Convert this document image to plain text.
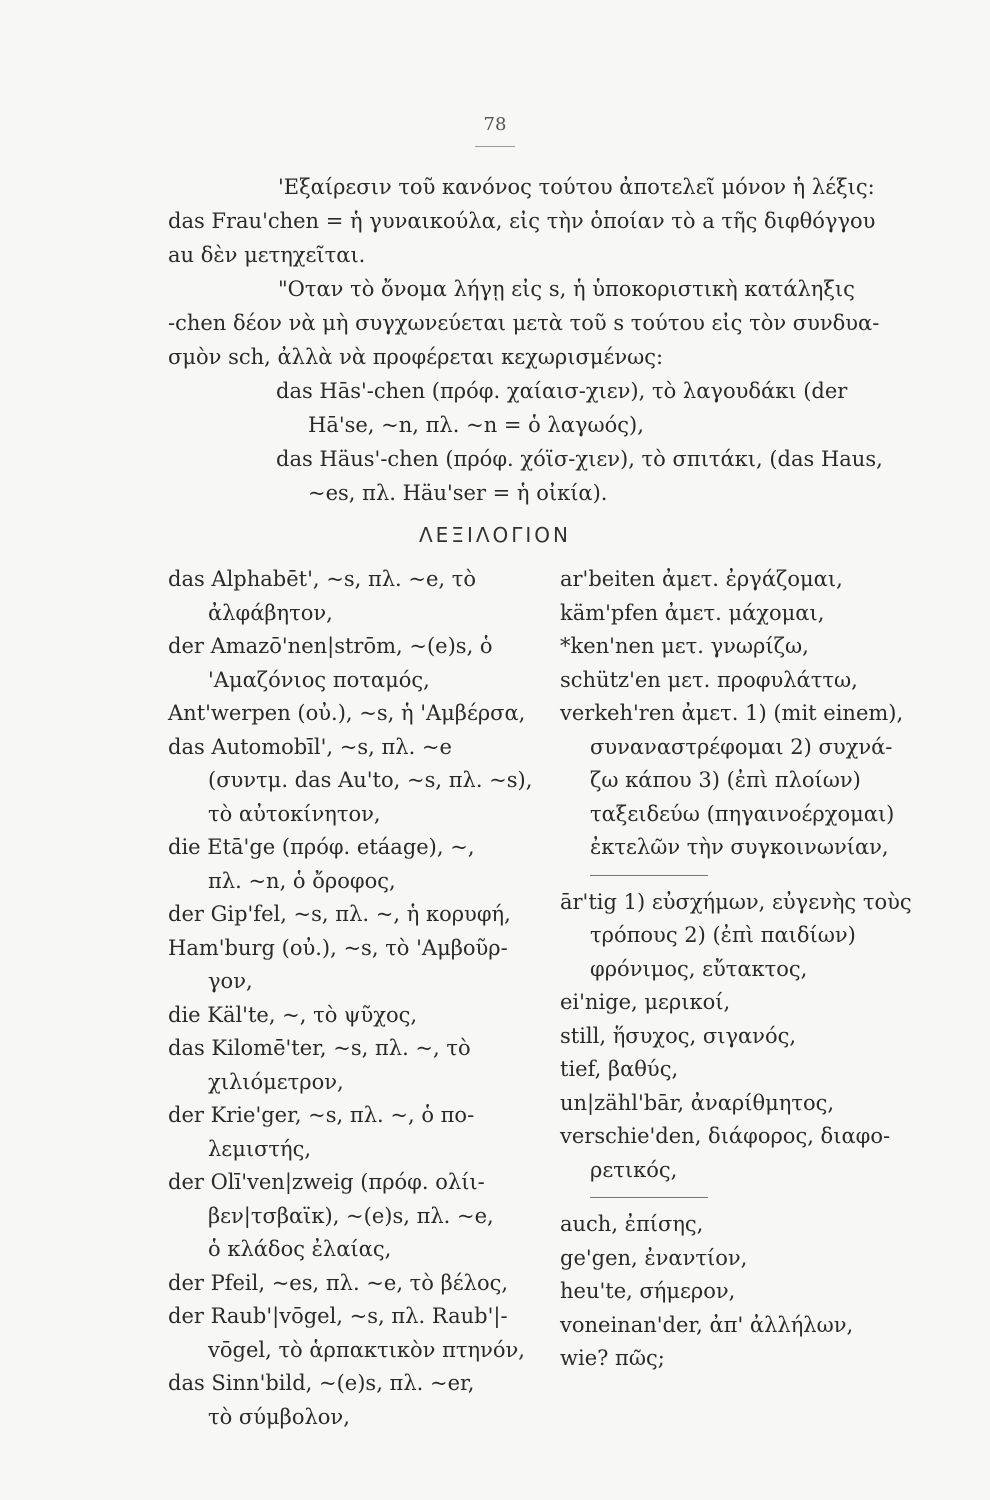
78

'Εξαίρεσιν τοῦ κανόνος τούτου ἀποτελεῖ μόνον ἡ λέξις:

das Frau'chen = ἡ γυναικούλα, εἰς τὴν ὁποίαν τὸ a τῆς διφθόγγου

au δὲν μετηχεῖται.

"Οταν τὸ ὄνομα λήγῃ εἰς s, ἡ ὑποκοριστικὴ κατάληξις

-chen δέον νὰ μὴ συγχωνεύεται μετὰ τοῦ s τούτου εἰς τὸν συνδυα-

σμὸν sch, ἀλλὰ νὰ προφέρεται κεχωρισμένως:

das Hās'-chen (πρόφ. χαίαισ-χιεν), τὸ λαγουδάκι (der

Hā'se, ~n, πλ. ~n = ὁ λαγωός),

das Häus'-chen (πρόφ. χόϊσ-χιεν), τὸ σπιτάκι, (das Haus,

~es, πλ. Häu'ser = ἡ οἰκία).

ΛΕΞΙΛΟΓΙΟΝ
das Alphabēt', ~s, πλ. ~e, τὸ
ἀλφάβητον,
der Amazō'nen|strōm, ~(e)s, ὁ
'Αμαζόνιος ποταμός,
Ant'werpen (οὐ.), ~s, ἡ 'Αμβέρσα,
das Automobīl', ~s, πλ. ~e
(συντμ. das Au'to, ~s, πλ. ~s),
τὸ αὐτοκίνητον,
die Etā'ge (πρόφ. etáage), ~,
πλ. ~n, ὁ ὄροφος,
der Gip'fel, ~s, πλ. ~, ἡ κορυφή,
Ham'burg (οὐ.), ~s, τὸ 'Αμβοῦρ-
γον,
die Käl'te, ~, τὸ ψῦχος,
das Kilomē'ter, ~s, πλ. ~, τὸ
χιλιόμετρον,
der Krie'ger, ~s, πλ. ~, ὁ πο-
λεμιστής,
der Olī'ven|zweig (πρόφ. ολίι-
βεν|τσβαϊκ), ~(e)s, πλ. ~e,
ὁ κλάδος ἐλαίας,
der Pfeil, ~es, πλ. ~e, τὸ βέλος,
der Raub'|vōgel, ~s, πλ. Raub'|-
vōgel, τὸ ἁρπακτικὸν πτηνόν,
das Sinn'bild, ~(e)s, πλ. ~er,
τὸ σύμβολον,
ar'beiten ἀμετ. ἐργάζομαι,
käm'pfen ἀμετ. μάχομαι,
*ken'nen μετ. γνωρίζω,
schütz'en μετ. προφυλάττω,
verkeh'ren ἀμετ. 1) (mit einem),
συναναστρέφομαι 2) συχνά-
ζω κάπου 3) (ἐπὶ πλοίων)
ταξειδεύω (πηγαινοέρχομαι)
ἐκτελῶν τὴν συγκοινωνίαν,
ār'tig 1) εὐσχήμων, εὐγενὴς τοὺς
τρόπους 2) (ἐπὶ παιδίων)
φρόνιμος, εὔτακτος,
ei'nige, μερικοί,
still, ἥσυχος, σιγανός,
tief, βαθύς,
un|zähl'bār, ἀναρίθμητος,
verschie'den, διάφορος, διαφο-
ρετικός,
auch, ἐπίσης,
ge'gen, ἐναντίον,
heu'te, σήμερον,
voneinan'der, ἀπ' ἀλλήλων,
wie? πῶς;
